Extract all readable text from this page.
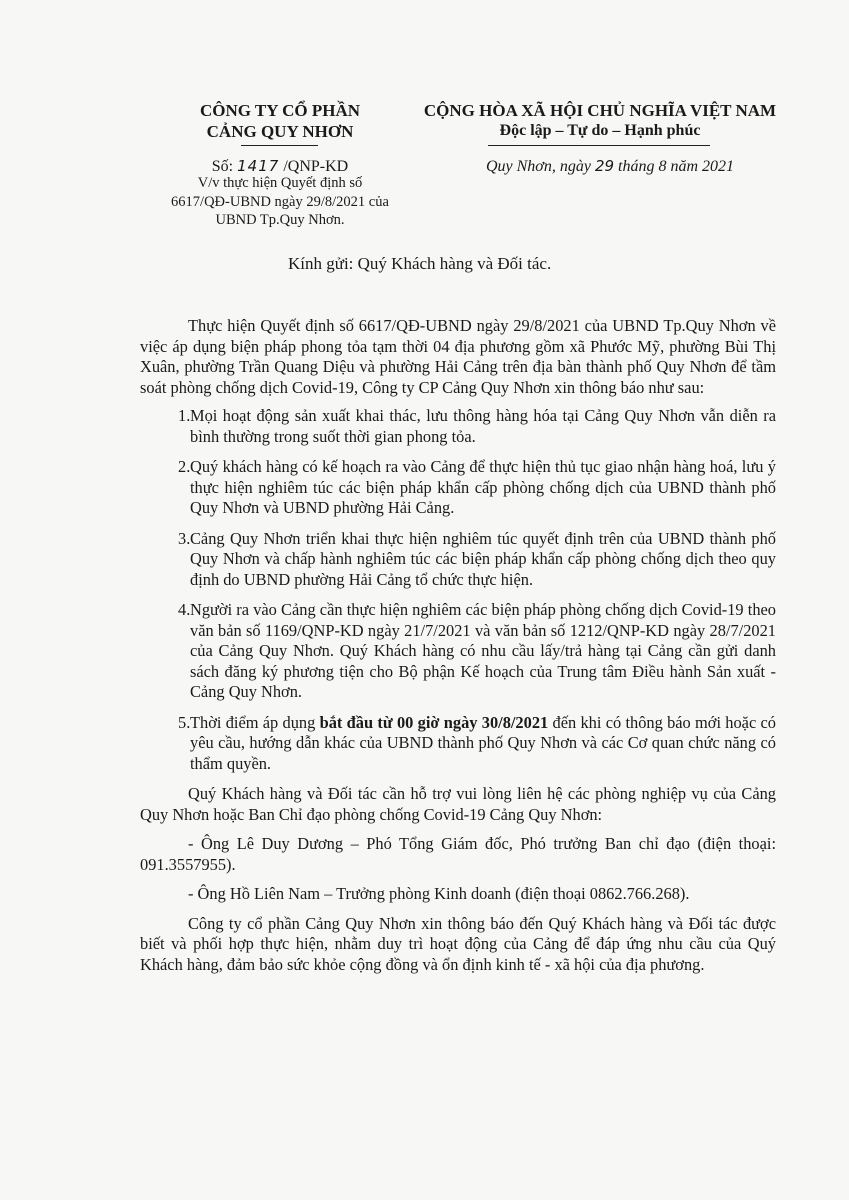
CÔNG TY CỔ PHẦN
CẢNG QUY NHƠN
CỘNG HÒA XÃ HỘI CHỦ NGHĨA VIỆT NAM
Độc lập – Tự do – Hạnh phúc
Số: 1417 /QNP-KD
V/v thực hiện Quyết định số
6617/QĐ-UBND ngày 29/8/2021 của
UBND Tp.Quy Nhơn.
Quy Nhơn, ngày 29 tháng 8 năm 2021
Kính gửi: Quý Khách hàng và Đối tác.

Thực hiện Quyết định số 6617/QĐ-UBND ngày 29/8/2021 của UBND Tp.Quy Nhơn về việc áp dụng biện pháp phong tỏa tạm thời 04 địa phương gồm xã Phước Mỹ, phường Bùi Thị Xuân, phường Trần Quang Diệu và phường Hải Cảng trên địa bàn thành phố Quy Nhơn để tầm soát phòng chống dịch Covid-19, Công ty CP Cảng Quy Nhơn xin thông báo như sau:

1. Mọi hoạt động sản xuất khai thác, lưu thông hàng hóa tại Cảng Quy Nhơn vẫn diễn ra bình thường trong suốt thời gian phong tỏa.
2. Quý khách hàng có kế hoạch ra vào Cảng để thực hiện thủ tục giao nhận hàng hoá, lưu ý thực hiện nghiêm túc các biện pháp khẩn cấp phòng chống dịch của UBND thành phố Quy Nhơn và UBND phường Hải Cảng.
3. Cảng Quy Nhơn triển khai thực hiện nghiêm túc quyết định trên của UBND thành phố Quy Nhơn và chấp hành nghiêm túc các biện pháp khẩn cấp phòng chống dịch theo quy định do UBND phường Hải Cảng tổ chức thực hiện.
4. Người ra vào Cảng cần thực hiện nghiêm các biện pháp phòng chống dịch Covid-19 theo văn bản số 1169/QNP-KD ngày 21/7/2021 và văn bản số 1212/QNP-KD ngày 28/7/2021 của Cảng Quy Nhơn. Quý Khách hàng có nhu cầu lấy/trả hàng tại Cảng cần gửi danh sách đăng ký phương tiện cho Bộ phận Kế hoạch của Trung tâm Điều hành Sản xuất - Cảng Quy Nhơn.
5. Thời điểm áp dụng bắt đầu từ 00 giờ ngày 30/8/2021 đến khi có thông báo mới hoặc có yêu cầu, hướng dẫn khác của UBND thành phố Quy Nhơn và các Cơ quan chức năng có thẩm quyền.

Quý Khách hàng và Đối tác cần hỗ trợ vui lòng liên hệ các phòng nghiệp vụ của Cảng Quy Nhơn hoặc Ban Chỉ đạo phòng chống Covid-19 Cảng Quy Nhơn:

- Ông Lê Duy Dương – Phó Tổng Giám đốc, Phó trưởng Ban chỉ đạo (điện thoại: 091.3557955).

- Ông Hồ Liên Nam – Trưởng phòng Kinh doanh (điện thoại 0862.766.268).

Công ty cổ phần Cảng Quy Nhơn xin thông báo đến Quý Khách hàng và Đối tác được biết và phối hợp thực hiện, nhằm duy trì hoạt động của Cảng để đáp ứng nhu cầu của Quý Khách hàng, đảm bảo sức khỏe cộng đồng và ổn định kinh tế - xã hội của địa phương.
